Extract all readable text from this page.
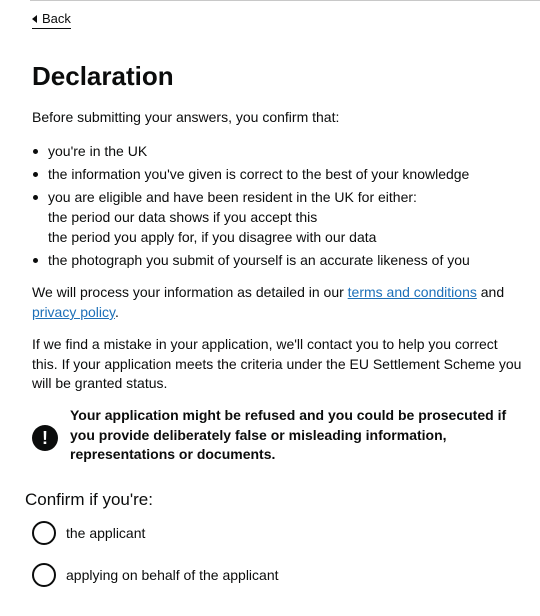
Back
Declaration

Before submitting your answers, you confirm that:

you're in the UK
the information you've given is correct to the best of your knowledge
you are eligible and have been resident in the UK for either:
the period our data shows if you accept this
the period you apply for, if you disagree with our data
the photograph you submit of yourself is an accurate likeness of you

We will process your information as detailed in our terms and conditions and privacy policy.

If we find a mistake in your application, we'll contact you to help you correct this. If your application meets the criteria under the EU Settlement Scheme you will be granted status.

!
Your application might be refused and you could be prosecuted if you provide deliberately false or misleading information, representations or documents.

Confirm if you're:

the applicant
applying on behalf of the applicant
